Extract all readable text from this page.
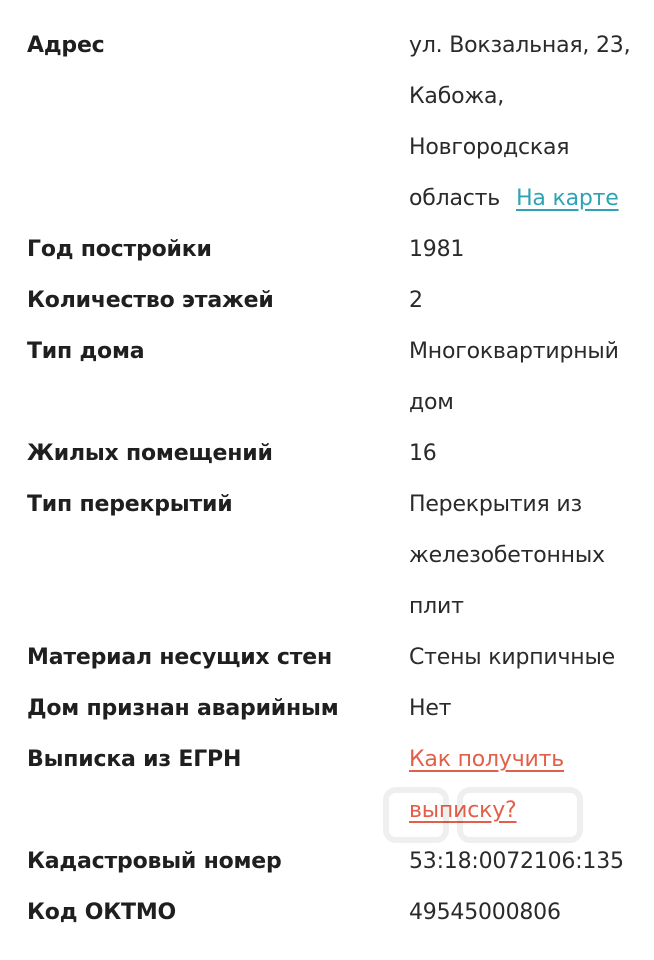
Адрес	ул. Вокзальная, 23,
Кабожа,
Новгородская
область На карте
Год постройки	1981
Количество этажей	2
Тип дома	Многоквартирный
дом
Жилых помещений	16
Тип перекрытий	Перекрытия из
железобетонных
плит
Материал несущих стен	Стены кирпичные
Дом признан аварийным	Нет
Выписка из ЕГРН	Как получить
выписку?
Кадастровый номер	53:18:0072106:135
Код ОКТМО	49545000806
